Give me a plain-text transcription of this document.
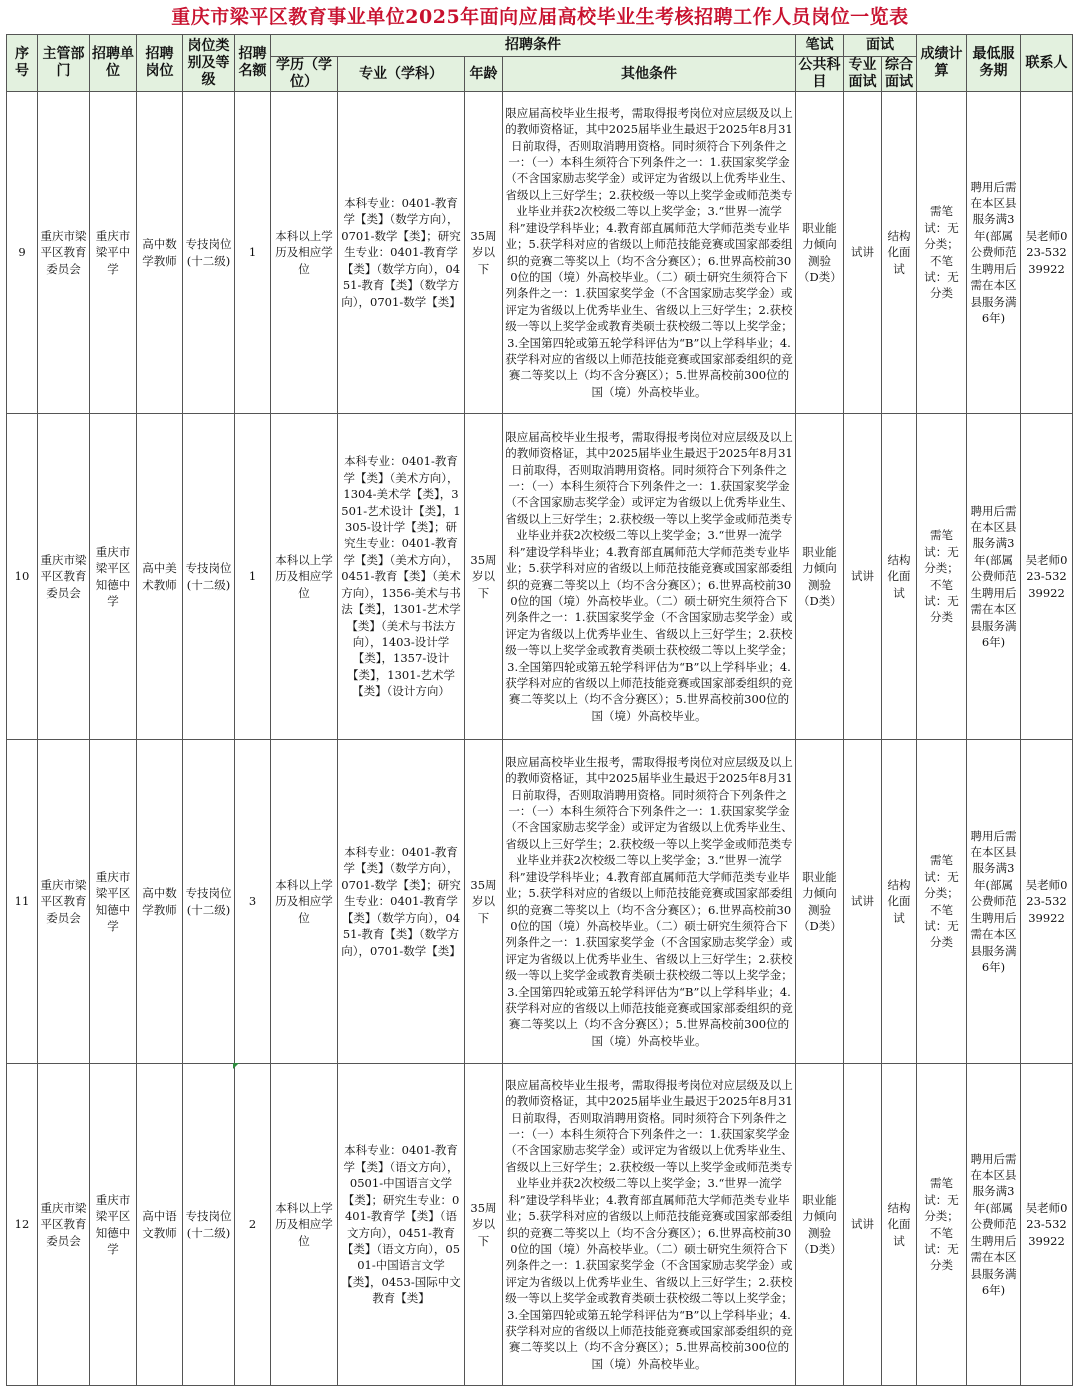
重庆市梁平区教育事业单位2025年面向应届高校毕业生考核招聘工作人员岗位一览表
序号	主管部门	招聘单位	招聘岗位	岗位类别及等级	招聘名额	招聘条件				笔试	面试		成绩计算	最低服务期	联系人
						学历（学位）	专业（学科）	年龄	其他条件	公共科目	专业面试	综合面试			
9	重庆市梁平区教育委员会	重庆市梁平中学	高中数学教师	专技岗位(十二级)	1	本科以上学历及相应学位	本科专业：0401-教育学【类】（数学方向），0701-数学【类】；研究生专业：0401-教育学【类】（数学方向），0451-教育【类】（数学方向），0701-数学【类】	35周岁以下	限应届高校毕业生报考，需取得报考岗位对应层级及以上的教师资格证，其中2025届毕业生最迟于2025年8月31日前取得，否则取消聘用资格。同时须符合下列条件之一：（一）本科生须符合下列条件之一：1.获国家奖学金（不含国家励志奖学金）或评定为省级以上优秀毕业生、省级以上三好学生；2.获校级一等以上奖学金或师范类专业毕业并获2次校级二等以上奖学金；3.“世界一流学科”建设学科毕业；4.教育部直属师范大学师范类专业毕业；5.获学科对应的省级以上师范技能竞赛或国家部委组织的竞赛二等奖以上（均不含分赛区）；6.世界高校前300位的国（境）外高校毕业。（二）硕士研究生须符合下列条件之一：1.获国家奖学金（不含国家励志奖学金）或评定为省级以上优秀毕业生、省级以上三好学生；2.获校级一等以上奖学金或教育类硕士获校级二等以上奖学金；3.全国第四轮或第五轮学科评估为“B”以上学科毕业；4.获学科对应的省级以上师范技能竞赛或国家部委组织的竞赛二等奖以上（均不含分赛区）；5.世界高校前300位的国（境）外高校毕业。	职业能力倾向测验（D类）	试讲	结构化面试	需笔试：无分类；不笔试：无分类	聘用后需在本区县服务满3年(部属公费师范生聘用后需在本区县服务满6年)	吴老师023-53239922
10	重庆市梁平区教育委员会	重庆市梁平区知德中学	高中美术教师	专技岗位(十二级)	1	本科以上学历及相应学位	本科专业：0401-教育学【类】（美术方向），1304-美术学【类】，3501-艺术设计【类】，1305-设计学【类】；研究生专业：0401-教育学【类】（美术方向），0451-教育【类】（美术方向），1356-美术与书法【类】，1301-艺术学【类】（美术与书法方向），1403-设计学【类】，1357-设计【类】，1301-艺术学【类】（设计方向）	35周岁以下	限应届高校毕业生报考，需取得报考岗位对应层级及以上的教师资格证，其中2025届毕业生最迟于2025年8月31日前取得，否则取消聘用资格。同时须符合下列条件之一：（一）本科生须符合下列条件之一：1.获国家奖学金（不含国家励志奖学金）或评定为省级以上优秀毕业生、省级以上三好学生；2.获校级一等以上奖学金或师范类专业毕业并获2次校级二等以上奖学金；3.“世界一流学科”建设学科毕业；4.教育部直属师范大学师范类专业毕业；5.获学科对应的省级以上师范技能竞赛或国家部委组织的竞赛二等奖以上（均不含分赛区）；6.世界高校前300位的国（境）外高校毕业。（二）硕士研究生须符合下列条件之一：1.获国家奖学金（不含国家励志奖学金）或评定为省级以上优秀毕业生、省级以上三好学生；2.获校级一等以上奖学金或教育类硕士获校级二等以上奖学金；3.全国第四轮或第五轮学科评估为“B”以上学科毕业；4.获学科对应的省级以上师范技能竞赛或国家部委组织的竞赛二等奖以上（均不含分赛区）；5.世界高校前300位的国（境）外高校毕业。	职业能力倾向测验（D类）	试讲	结构化面试	需笔试：无分类；不笔试：无分类	聘用后需在本区县服务满3年(部属公费师范生聘用后需在本区县服务满6年)	吴老师023-53239922
11	重庆市梁平区教育委员会	重庆市梁平区知德中学	高中数学教师	专技岗位(十二级)	3	本科以上学历及相应学位	本科专业：0401-教育学【类】（数学方向），0701-数学【类】；研究生专业：0401-教育学【类】（数学方向），0451-教育【类】（数学方向），0701-数学【类】	35周岁以下	限应届高校毕业生报考，需取得报考岗位对应层级及以上的教师资格证，其中2025届毕业生最迟于2025年8月31日前取得，否则取消聘用资格。同时须符合下列条件之一：（一）本科生须符合下列条件之一：1.获国家奖学金（不含国家励志奖学金）或评定为省级以上优秀毕业生、省级以上三好学生；2.获校级一等以上奖学金或师范类专业毕业并获2次校级二等以上奖学金；3.“世界一流学科”建设学科毕业；4.教育部直属师范大学师范类专业毕业；5.获学科对应的省级以上师范技能竞赛或国家部委组织的竞赛二等奖以上（均不含分赛区）；6.世界高校前300位的国（境）外高校毕业。（二）硕士研究生须符合下列条件之一：1.获国家奖学金（不含国家励志奖学金）或评定为省级以上优秀毕业生、省级以上三好学生；2.获校级一等以上奖学金或教育类硕士获校级二等以上奖学金；3.全国第四轮或第五轮学科评估为“B”以上学科毕业；4.获学科对应的省级以上师范技能竞赛或国家部委组织的竞赛二等奖以上（均不含分赛区）；5.世界高校前300位的国（境）外高校毕业。	职业能力倾向测验（D类）	试讲	结构化面试	需笔试：无分类；不笔试：无分类	聘用后需在本区县服务满3年(部属公费师范生聘用后需在本区县服务满6年)	吴老师023-53239922
12	重庆市梁平区教育委员会	重庆市梁平区知德中学	高中语文教师	专技岗位(十二级)	2	本科以上学历及相应学位	本科专业：0401-教育学【类】（语文方向），0501-中国语言文学【类】；研究生专业：0401-教育学【类】（语文方向），0451-教育【类】（语文方向），0501-中国语言文学【类】，0453-国际中文教育【类】	35周岁以下	限应届高校毕业生报考，需取得报考岗位对应层级及以上的教师资格证，其中2025届毕业生最迟于2025年8月31日前取得，否则取消聘用资格。同时须符合下列条件之一：（一）本科生须符合下列条件之一：1.获国家奖学金（不含国家励志奖学金）或评定为省级以上优秀毕业生、省级以上三好学生；2.获校级一等以上奖学金或师范类专业毕业并获2次校级二等以上奖学金；3.“世界一流学科”建设学科毕业；4.教育部直属师范大学师范类专业毕业；5.获学科对应的省级以上师范技能竞赛或国家部委组织的竞赛二等奖以上（均不含分赛区）；6.世界高校前300位的国（境）外高校毕业。（二）硕士研究生须符合下列条件之一：1.获国家奖学金（不含国家励志奖学金）或评定为省级以上优秀毕业生、省级以上三好学生；2.获校级一等以上奖学金或教育类硕士获校级二等以上奖学金；3.全国第四轮或第五轮学科评估为“B”以上学科毕业；4.获学科对应的省级以上师范技能竞赛或国家部委组织的竞赛二等奖以上（均不含分赛区）；5.世界高校前300位的国（境）外高校毕业。	职业能力倾向测验（D类）	试讲	结构化面试	需笔试：无分类；不笔试：无分类	聘用后需在本区县服务满3年(部属公费师范生聘用后需在本区县服务满6年)	吴老师023-53239922
